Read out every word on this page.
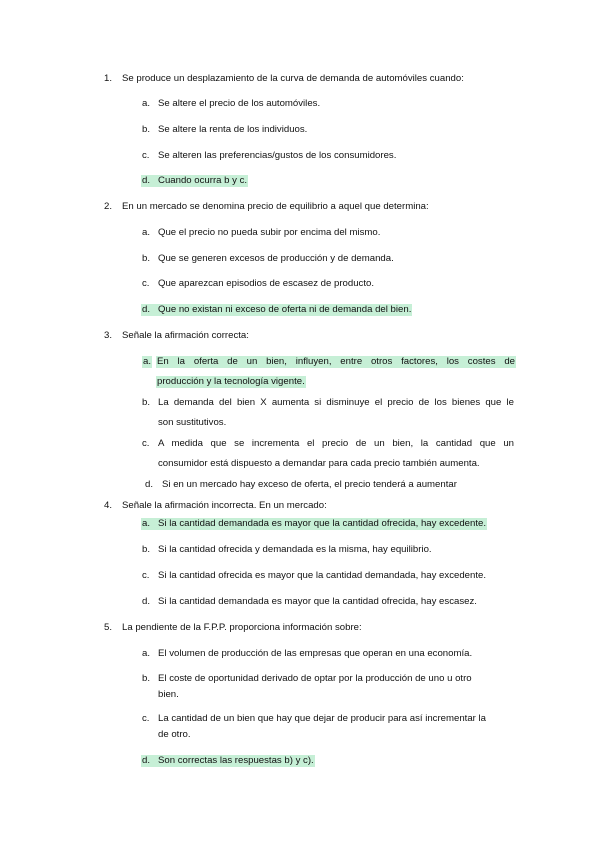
1. Se produce un desplazamiento de la curva de demanda de automóviles cuando:
a. Se altere el precio de los automóviles.
b. Se altere la renta de los individuos.
c. Se alteren las preferencias/gustos de los consumidores.
d. Cuando ocurra b y c.
2. En un mercado se denomina precio de equilibrio a aquel que determina:
a. Que el precio no pueda subir por encima del mismo.
b. Que se generen excesos de producción y de demanda.
c. Que aparezcan episodios de escasez de producto.
d. Que no existan ni exceso de oferta ni de demanda del bien.
3. Señale la afirmación correcta:
a. En la oferta de un bien, influyen, entre otros factores, los costes de
producción y la tecnología vigente.
b. La demanda del bien X aumenta si disminuye el precio de los bienes que le
son sustitutivos.
c. A medida que se incrementa el precio de un bien, la cantidad que un
consumidor está dispuesto a demandar para cada precio también aumenta.
d. Si en un mercado hay exceso de oferta, el precio tenderá a aumentar
4. Señale la afirmación incorrecta. En un mercado:
a. Si la cantidad demandada es mayor que la cantidad ofrecida, hay excedente.
b. Si la cantidad ofrecida y demandada es la misma, hay equilibrio.
c. Si la cantidad ofrecida es mayor que la cantidad demandada, hay excedente.
d. Si la cantidad demandada es mayor que la cantidad ofrecida, hay escasez.
5. La pendiente de la F.P.P. proporciona información sobre:
a. El volumen de producción de las empresas que operan en una economía.
b. El coste de oportunidad derivado de optar por la producción de uno u otro
bien.
c. La cantidad de un bien que hay que dejar de producir para así incrementar la
de otro.
d. Son correctas las respuestas b) y c).
